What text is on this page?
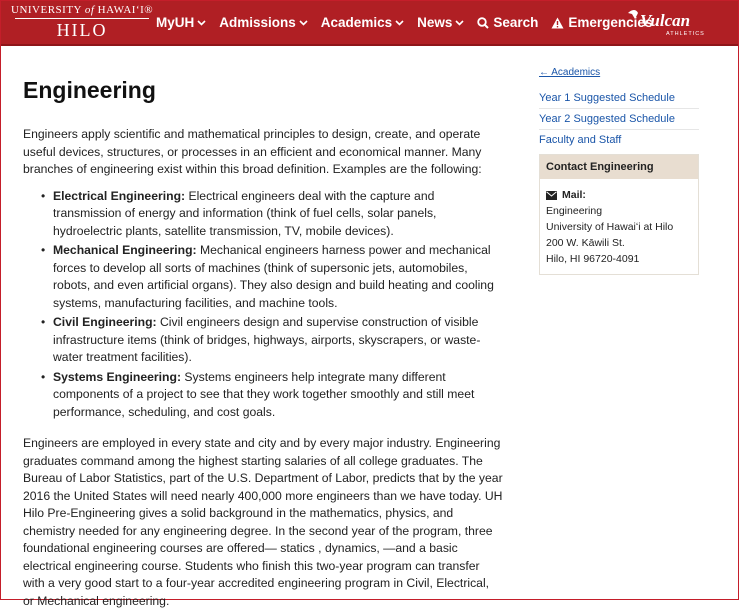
UNIVERSITY of HAWAIʻI®
HILO	MyUH Admissions Academics News	Search Emergencies
Vulcan
ATHLETICS
Engineering

Engineers apply scientific and mathematical principles to design, create, and operate useful devices, structures, or processes in an efficient and economical manner. Many branches of engineering exist within this broad definition. Examples are the following:

• Electrical Engineering: Electrical engineers deal with the capture and transmission of energy and information (think of fuel cells, solar panels, hydroelectric plants, satellite transmission, TV, mobile devices).
• Mechanical Engineering: Mechanical engineers harness power and mechanical forces to develop all sorts of machines (think of supersonic jets, automobiles, robots, and even artificial organs). They also design and build heating and cooling systems, manufacturing facilities, and machine tools.
• Civil Engineering: Civil engineers design and supervise construction of visible infrastructure items (think of bridges, highways, airports, skyscrapers, or waste-water treatment facilities).
• Systems Engineering: Systems engineers help integrate many different components of a project to see that they work together smoothly and still meet performance, scheduling, and cost goals.

Engineers are employed in every state and city and by every major industry. Engineering graduates command among the highest starting salaries of all college graduates. The Bureau of Labor Statistics, part of the U.S. Department of Labor, predicts that by the year 2016 the United States will need nearly 400,000 more engineers than we have today. UH Hilo Pre-Engineering gives a solid background in the mathematics, physics, and chemistry needed for any engineering degree. In the second year of the program, three foundational engineering courses are offered— statics , dynamics, —and a basic electrical engineering course. Students who finish this two-year program can transfer with a very good start to a four-year accredited engineering program in Civil, Electrical, or Mechanical engineering.

← Academics
Year 1 Suggested Schedule
Year 2 Suggested Schedule
Faculty and Staff
Contact Engineering
Mail:
Engineering
University of Hawaiʻi at Hilo
200 W. Kāwili St.
Hilo, HI 96720-4091
